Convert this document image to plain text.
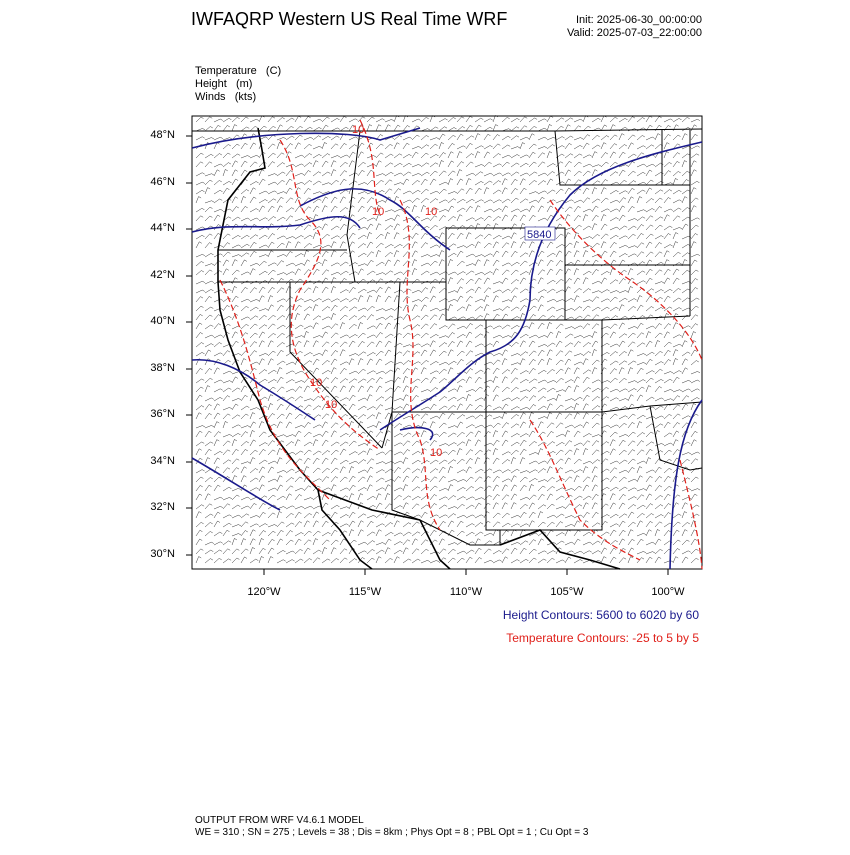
IWFAQRP Western US Real Time WRF	Init: 2025-06-30_00:00:00
Valid: 2025-07-03_22:00:00
Temperature   (C)
Height   (m)
Winds   (kts)
5840
10
10	10
10
10
10
48°N
46°N
44°N
42°N
40°N
38°N
36°N
34°N
32°N
30°N
120°W	115°W	110°W	105°W	100°W
Height Contours: 5600 to 6020 by 60
Temperature Contours: -25 to 5 by 5
OUTPUT FROM WRF V4.6.1 MODEL
WE = 310 ; SN = 275 ; Levels = 38 ; Dis = 8km ; Phys Opt = 8 ; PBL Opt = 1 ; Cu Opt = 3
